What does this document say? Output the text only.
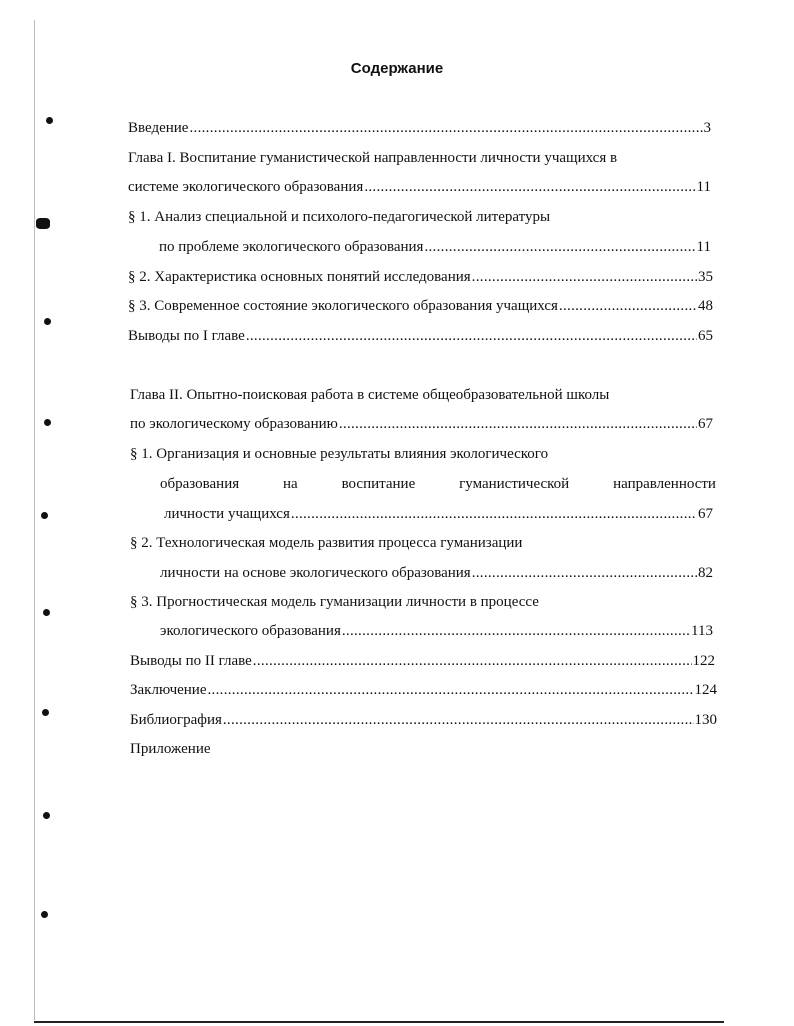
Содержание
Введение .....	3
Глава I. Воспитание гуманистической направленности личности учащихся в
системе экологического образования .....	11
§ 1. Анализ специальной и психолого-педагогической литературы
по проблеме экологического образования .....	11
§ 2. Характеристика основных понятий исследования .....	35
§ 3. Современное состояние экологического образования учащихся .....	48
Выводы по I главе .....	65
Глава II. Опытно-поисковая работа в системе общеобразовательной школы
по экологическому образованию .....	67
§ 1. Организация и основные результаты влияния экологического
образования	на	воспитание	гуманистической	направленности
личности учащихся .....	67
§ 2. Технологическая модель развития процесса гуманизации
личности на основе экологического образования .....	82
§ 3. Прогностическая модель гуманизации личности в процессе
экологического образования .....	113
Выводы по II главе .....	122
Заключение .....	124
Библиография .....	130
Приложение
